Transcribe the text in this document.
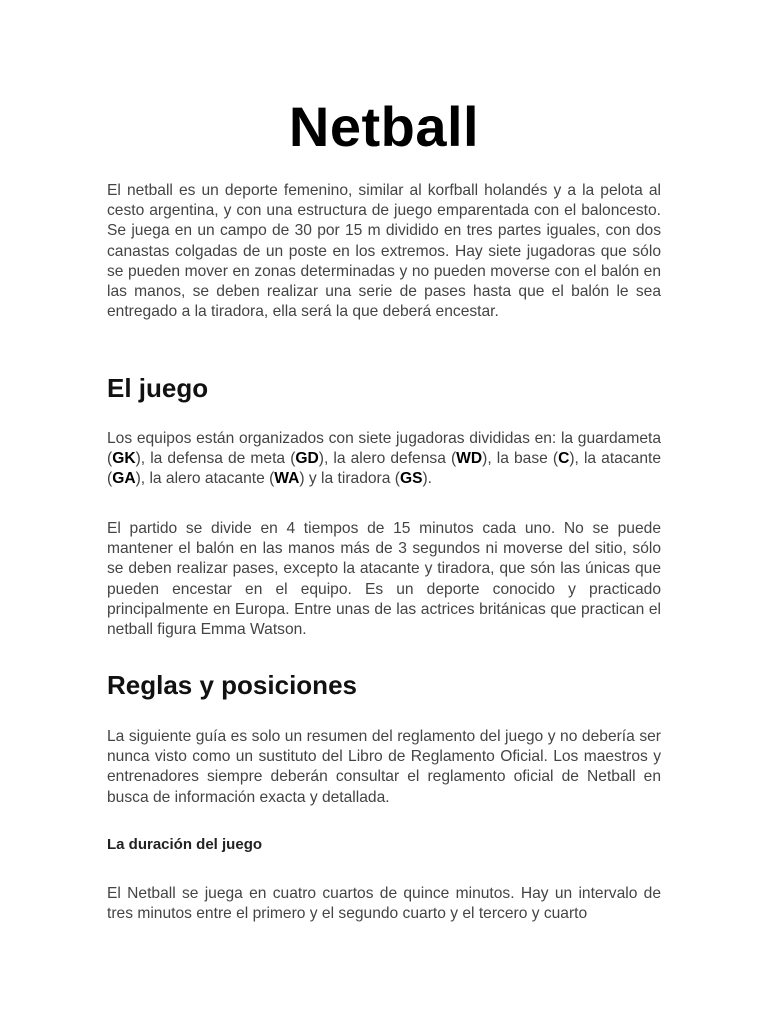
Netball

El netball es un deporte femenino, similar al korfball holandés y a la pelota al cesto argentina, y con una estructura de juego emparentada con el baloncesto. Se juega en un campo de 30 por 15 m dividido en tres partes iguales, con dos canastas colgadas de un poste en los extremos. Hay siete jugadoras que sólo se pueden mover en zonas determinadas y no pueden moverse con el balón en las manos, se deben realizar una serie de pases hasta que el balón le sea entregado a la tiradora, ella será la que deberá encestar.

El juego

Los equipos están organizados con siete jugadoras divididas en: la guardameta (GK), la defensa de meta (GD), la alero defensa (WD), la base (C), la atacante (GA), la alero atacante (WA) y la tiradora (GS).

El partido se divide en 4 tiempos de 15 minutos cada uno. No se puede mantener el balón en las manos más de 3 segundos ni moverse del sitio, sólo se deben realizar pases, excepto la atacante y tiradora, que són las únicas que pueden encestar en el equipo. Es un deporte conocido y practicado principalmente en Europa. Entre unas de las actrices británicas que practican el netball figura Emma Watson.

Reglas y posiciones

La siguiente guía es solo un resumen del reglamento del juego y no debería ser nunca visto como un sustituto del Libro de Reglamento Oficial. Los maestros y entrenadores siempre deberán consultar el reglamento oficial de Netball en busca de información exacta y detallada.

La duración del juego

El Netball se juega en cuatro cuartos de quince minutos. Hay un intervalo de tres minutos entre el primero y el segundo cuarto y el tercero y cuarto
